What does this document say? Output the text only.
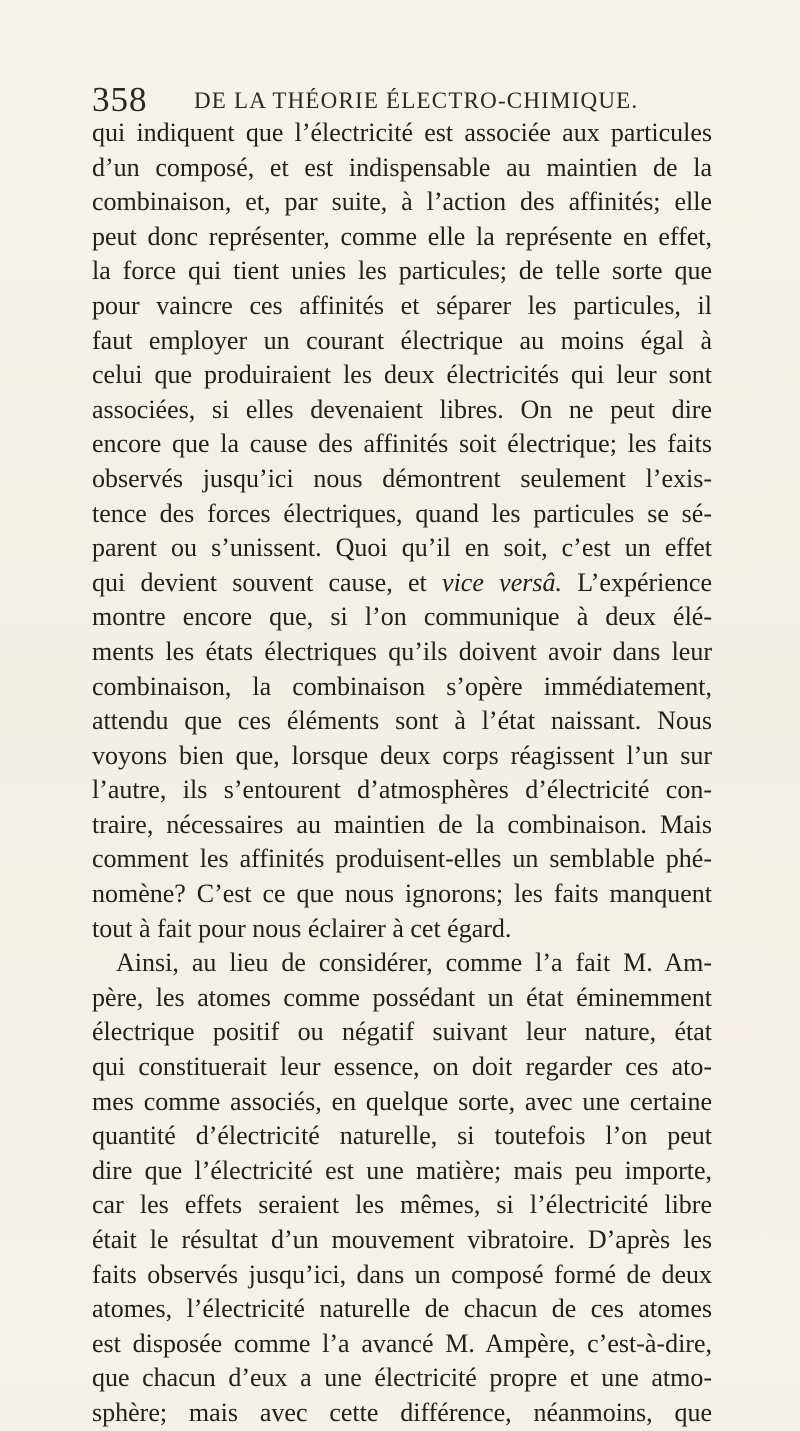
358 DE LA THÉORIE ÉLECTRO-CHIMIQUE.
qui indiquent que l’électricité est associée aux particules
d’un composé, et est indispensable au maintien de la
combinaison, et, par suite, à l’action des affinités; elle
peut donc représenter, comme elle la représente en effet,
la force qui tient unies les particules; de telle sorte que
pour vaincre ces affinités et séparer les particules, il
faut employer un courant électrique au moins égal à
celui que produiraient les deux électricités qui leur sont
associées, si elles devenaient libres. On ne peut dire
encore que la cause des affinités soit électrique; les faits
observés jusqu’ici nous démontrent seulement l’exis-
tence des forces électriques, quand les particules se sé-
parent ou s’unissent. Quoi qu’il en soit, c’est un effet
qui devient souvent cause, et vice versâ. L’expérience
montre encore que, si l’on communique à deux élé-
ments les états électriques qu’ils doivent avoir dans leur
combinaison, la combinaison s’opère immédiatement,
attendu que ces éléments sont à l’état naissant. Nous
voyons bien que, lorsque deux corps réagissent l’un sur
l’autre, ils s’entourent d’atmosphères d’électricité con-
traire, nécessaires au maintien de la combinaison. Mais
comment les affinités produisent-elles un semblable phé-
nomène? C’est ce que nous ignorons; les faits manquent
tout à fait pour nous éclairer à cet égard.
Ainsi, au lieu de considérer, comme l’a fait M. Am-
père, les atomes comme possédant un état éminemment
électrique positif ou négatif suivant leur nature, état
qui constituerait leur essence, on doit regarder ces ato-
mes comme associés, en quelque sorte, avec une certaine
quantité d’électricité naturelle, si toutefois l’on peut
dire que l’électricité est une matière; mais peu importe,
car les effets seraient les mêmes, si l’électricité libre
était le résultat d’un mouvement vibratoire. D’après les
faits observés jusqu’ici, dans un composé formé de deux
atomes, l’électricité naturelle de chacun de ces atomes
est disposée comme l’a avancé M. Ampère, c’est-à-dire,
que chacun d’eux a une électricité propre et une atmo-
sphère; mais avec cette différence, néanmoins, que
